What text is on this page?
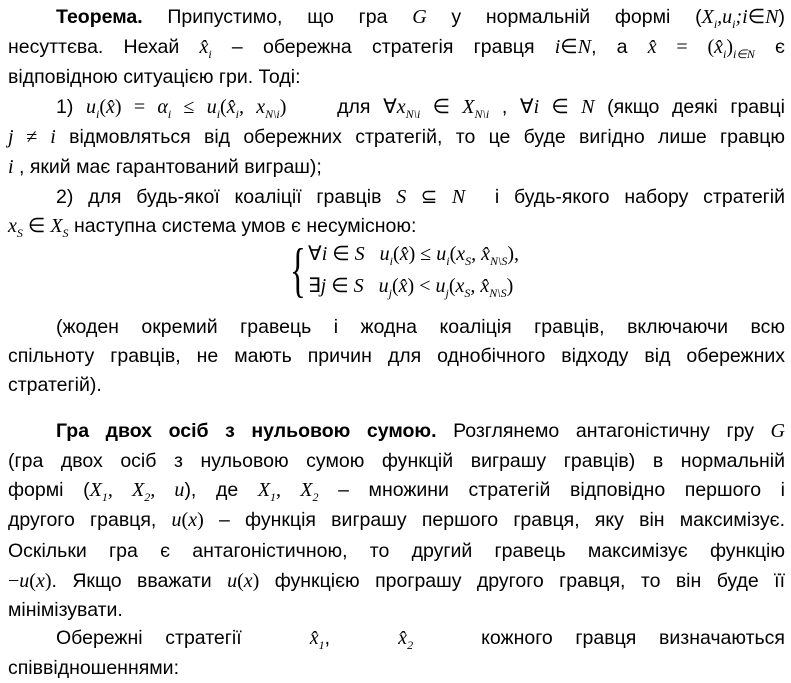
Теорема. Припустимо, що гра G у нормальній формі $(X_i,u_i;i\in N)$
несуттєва. Нехай $x̂_i$ – обережна стратегія гравця i∈N, а x̂ = $(x̂_i)_{i\in N}$ є
відповідною ситуацією гри. Тоді:
1) $u_i(x̂) = \alpha_i$ ≤ $u_i(x̂_i$, $x_{N\backslash i}$)    для $\forall x_{N\backslash i}$ ∈ $X_{N\backslash i}$ , ∀i ∈ N (якщо деякі гравці
j ≠ i відмовляться від обережних стратегій, то це буде вигідно лише гравцю
i , який має гарантований виграш);
2) для будь-якої коаліції гравців S ⊆ N  і будь-якого набору стратегій
$x_S$ ∈ $X_S$ наступна система умов є несумісною:
(жоден окремий гравець і жодна коаліція гравців, включаючи всю
спільноту гравців, не мають причин для однобічного відходу від обережних
стратегій).
Гра двох осіб з нульовою сумою. Розглянемо антагоністичну гру G
(гра двох осіб з нульовою сумою функцій виграшу гравців) в нормальній
формі ($X_1$, $X_2$, u), де $X_1$, $X_2$ – множини стратегій відповідно першого і
другого гравця, u(x) – функція виграшу першого гравця, яку він максимізує.
Оскільки гра є антагоністичною, то другий гравець максимізує функцію
−u(x). Якщо вважати u(x) функцією програшу другого гравця, то він буде її
мінімізувати.
Обережні стратегії   $x̂_1$,   $x̂_2$   кожного гравця визначаються
співвідношеннями:
{ ∀i ∈ S   $u_i(x̂) \le u_i(x_S$, $x̂_{N\backslash S}$),
∃j ∈ S   $u_j(x̂) < u_j(x_S$, $x̂_{N\backslash S}$)
